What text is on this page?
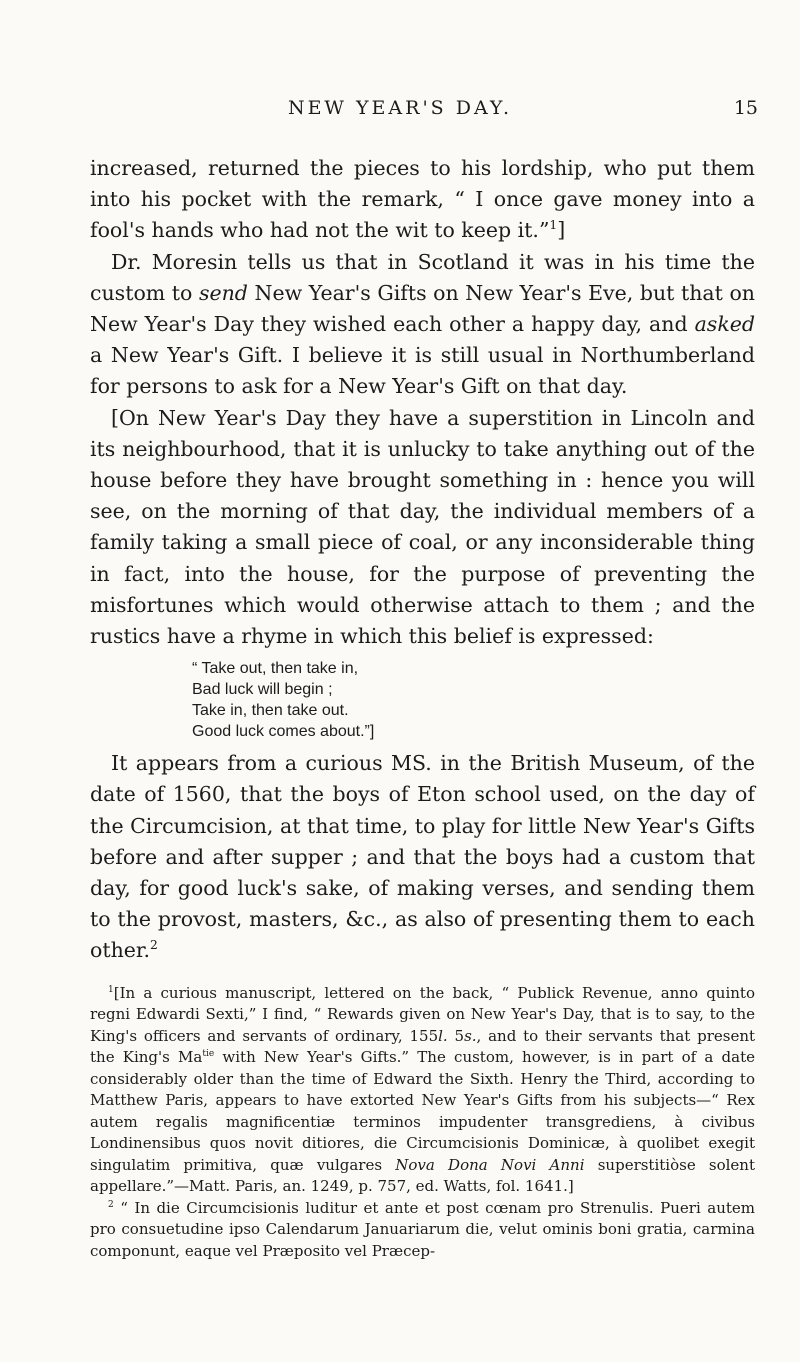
NEW YEAR'S DAY.	15

increased, returned the pieces to his lordship, who put them into his pocket with the remark, “ I once gave money into a fool's hands who had not the wit to keep it.”$^1$]

Dr. Moresin tells us that in Scotland it was in his time the custom to send New Year's Gifts on New Year's Eve, but that on New Year's Day they wished each other a happy day, and asked a New Year's Gift. I believe it is still usual in Northumberland for persons to ask for a New Year's Gift on that day.

[On New Year's Day they have a superstition in Lincoln and its neighbourhood, that it is unlucky to take anything out of the house before they have brought something in : hence you will see, on the morning of that day, the individual members of a family taking a small piece of coal, or any inconsiderable thing in fact, into the house, for the purpose of preventing the misfortunes which would otherwise attach to them ; and the rustics have a rhyme in which this belief is expressed:

“ Take out, then take in,
Bad luck will begin ;
Take in, then take out.
Good luck comes about.”]

It appears from a curious MS. in the British Museum, of the date of 1560, that the boys of Eton school used, on the day of the Circumcision, at that time, to play for little New Year's Gifts before and after supper ; and that the boys had a custom that day, for good luck's sake, of making verses, and sending them to the provost, masters, &c., as also of presenting them to each other.$^2$

$^1$[In a curious manuscript, lettered on the back, “ Publick Revenue, anno quinto regni Edwardi Sexti,” I find, “ Rewards given on New Year's Day, that is to say, to the King's officers and servants of ordinary, 155l. 5s., and to their servants that present the King's $Ma^{tie}$ with New Year's Gifts.” The custom, however, is in part of a date considerably older than the time of Edward the Sixth. Henry the Third, according to Matthew Paris, appears to have extorted New Year's Gifts from his subjects—“ Rex autem regalis magnificentiæ terminos impudenter transgrediens, à civibus Londinensibus quos novit ditiores, die Circumcisionis Dominicæ, à quolibet exegit singulatim primitiva, quæ vulgares Nova Dona Novi Anni superstitiòse solent appellare.”—Matt. Paris, an. 1249, p. 757, ed. Watts, fol. 1641.]

$^2$ “ In die Circumcisionis luditur et ante et post cœnam pro Strenulis. Pueri autem pro consuetudine ipso Calendarum Januariarum die, velut ominis boni gratia, carmina componunt, eaque vel Præposito vel Præcep-
